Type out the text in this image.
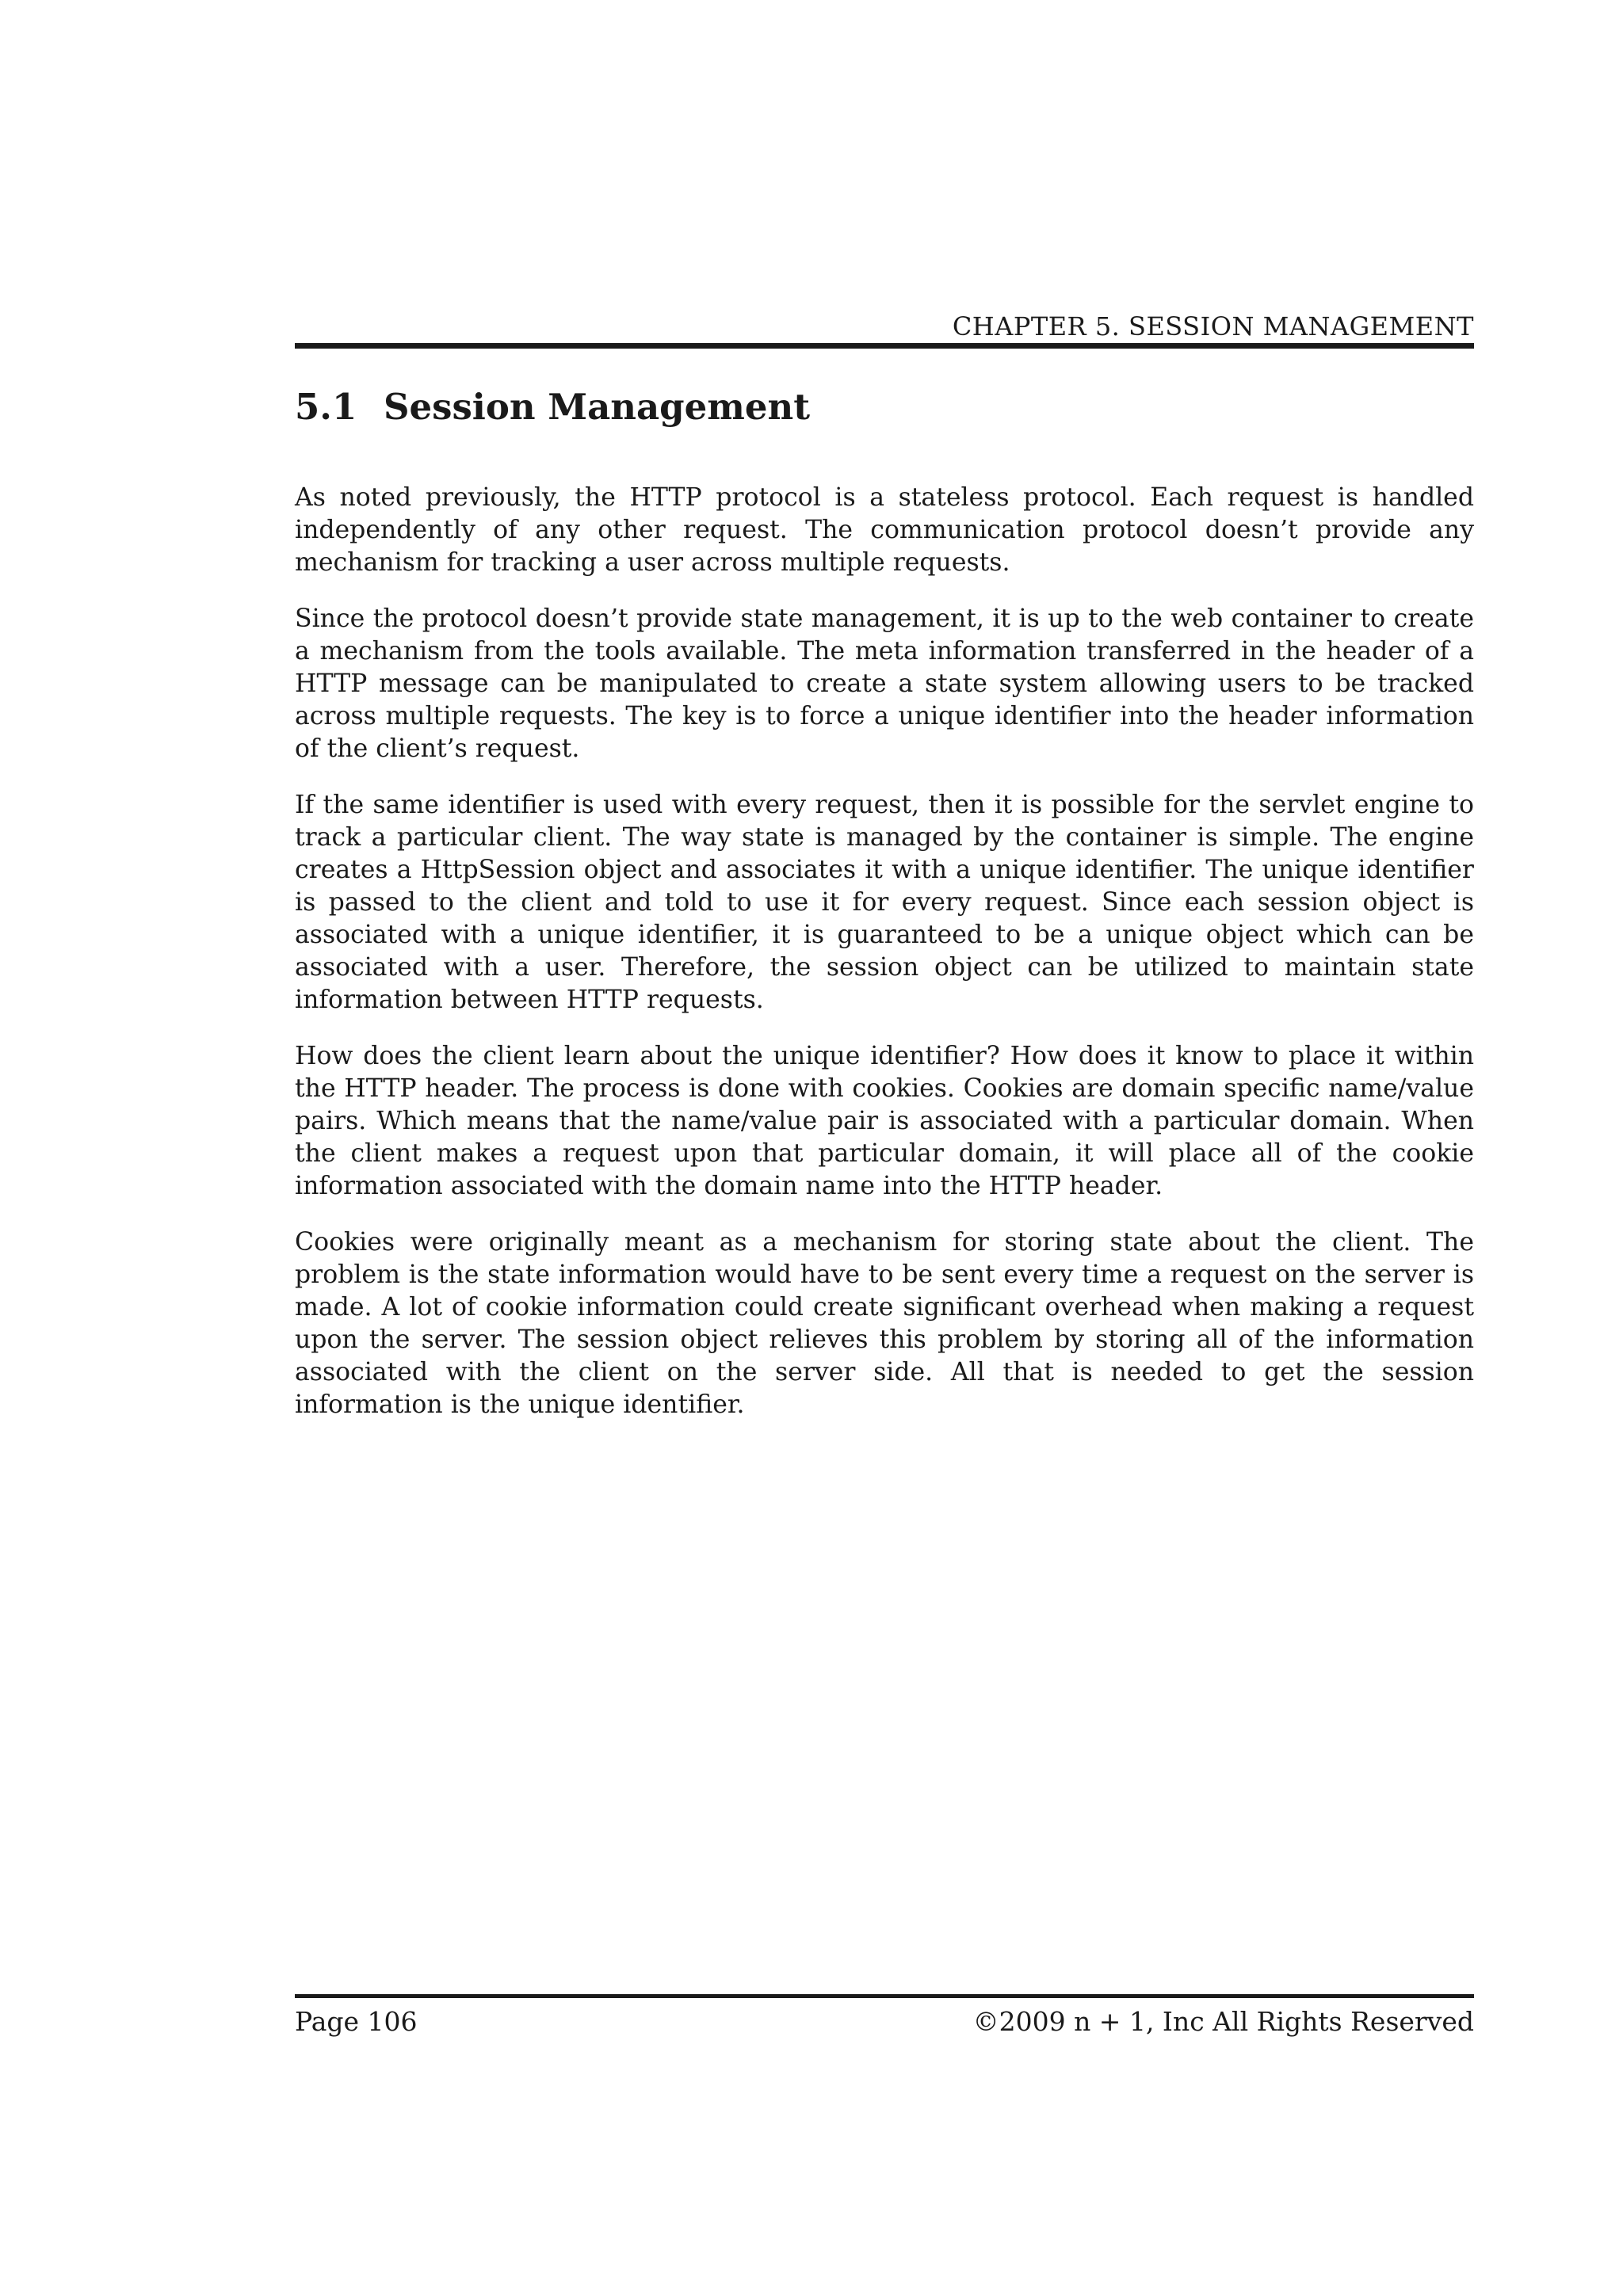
CHAPTER 5. SESSION MANAGEMENT
5.1 Session Management

As noted previously, the HTTP protocol is a stateless protocol. Each request is handled independently of any other request. The communication protocol doesn’t provide any mechanism for tracking a user across multiple requests.

Since the protocol doesn’t provide state management, it is up to the web container to create a mechanism from the tools available. The meta information transferred in the header of a HTTP message can be manipulated to create a state system allowing users to be tracked across multiple requests. The key is to force a unique identifier into the header information of the client’s request.

If the same identifier is used with every request, then it is possible for the servlet engine to track a particular client. The way state is managed by the container is simple. The engine creates a HttpSession object and associates it with a unique identifier. The unique identifier is passed to the client and told to use it for every request. Since each session object is associated with a unique identifier, it is guaranteed to be a unique object which can be associated with a user. Therefore, the session object can be utilized to maintain state information between HTTP requests.

How does the client learn about the unique identifier? How does it know to place it within the HTTP header. The process is done with cookies. Cookies are domain specific name/value pairs. Which means that the name/value pair is associated with a particular domain. When the client makes a request upon that particular domain, it will place all of the cookie information associated with the domain name into the HTTP header.

Cookies were originally meant as a mechanism for storing state about the client. The problem is the state information would have to be sent every time a request on the server is made. A lot of cookie information could create significant overhead when making a request upon the server. The session object relieves this problem by storing all of the information associated with the client on the server side. All that is needed to get the session information is the unique identifier.

Page 106	©2009 n + 1, Inc All Rights Reserved
